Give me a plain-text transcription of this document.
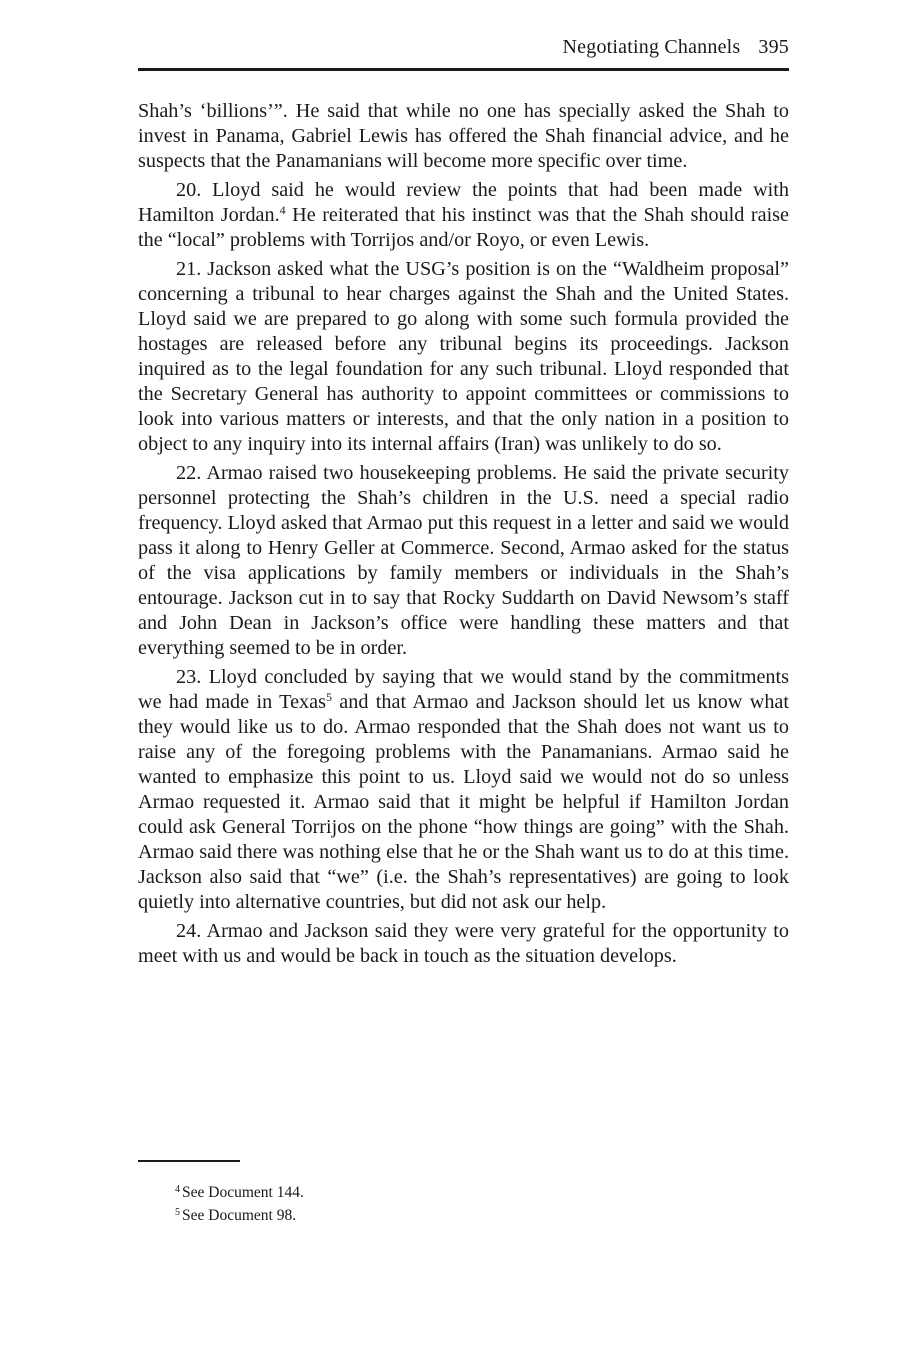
Negotiating Channels 395

Shah’s ‘billions’”. He said that while no one has specially asked the Shah to invest in Panama, Gabriel Lewis has offered the Shah financial advice, and he suspects that the Panamanians will become more specific over time.

20. Lloyd said he would review the points that had been made with Hamilton Jordan.$^4$ He reiterated that his instinct was that the Shah should raise the “local” problems with Torrijos and/or Royo, or even Lewis.

21. Jackson asked what the USG’s position is on the “Waldheim proposal” concerning a tribunal to hear charges against the Shah and the United States. Lloyd said we are prepared to go along with some such formula provided the hostages are released before any tribunal begins its proceedings. Jackson inquired as to the legal foundation for any such tribunal. Lloyd responded that the Secretary General has authority to appoint committees or commissions to look into various matters or interests, and that the only nation in a position to object to any inquiry into its internal affairs (Iran) was unlikely to do so.

22. Armao raised two housekeeping problems. He said the private security personnel protecting the Shah’s children in the U.S. need a special radio frequency. Lloyd asked that Armao put this request in a letter and said we would pass it along to Henry Geller at Commerce. Second, Armao asked for the status of the visa applications by family members or individuals in the Shah’s entourage. Jackson cut in to say that Rocky Suddarth on David Newsom’s staff and John Dean in Jackson’s office were handling these matters and that everything seemed to be in order.

23. Lloyd concluded by saying that we would stand by the commitments we had made in Texas$^5$ and that Armao and Jackson should let us know what they would like us to do. Armao responded that the Shah does not want us to raise any of the foregoing problems with the Panamanians. Armao said he wanted to emphasize this point to us. Lloyd said we would not do so unless Armao requested it. Armao said that it might be helpful if Hamilton Jordan could ask General Torrijos on the phone “how things are going” with the Shah. Armao said there was nothing else that he or the Shah want us to do at this time. Jackson also said that “we” (i.e. the Shah’s representatives) are going to look quietly into alternative countries, but did not ask our help.

24. Armao and Jackson said they were very grateful for the opportunity to meet with us and would be back in touch as the situation develops.

$^4$ See Document 144.
$^5$ See Document 98.
